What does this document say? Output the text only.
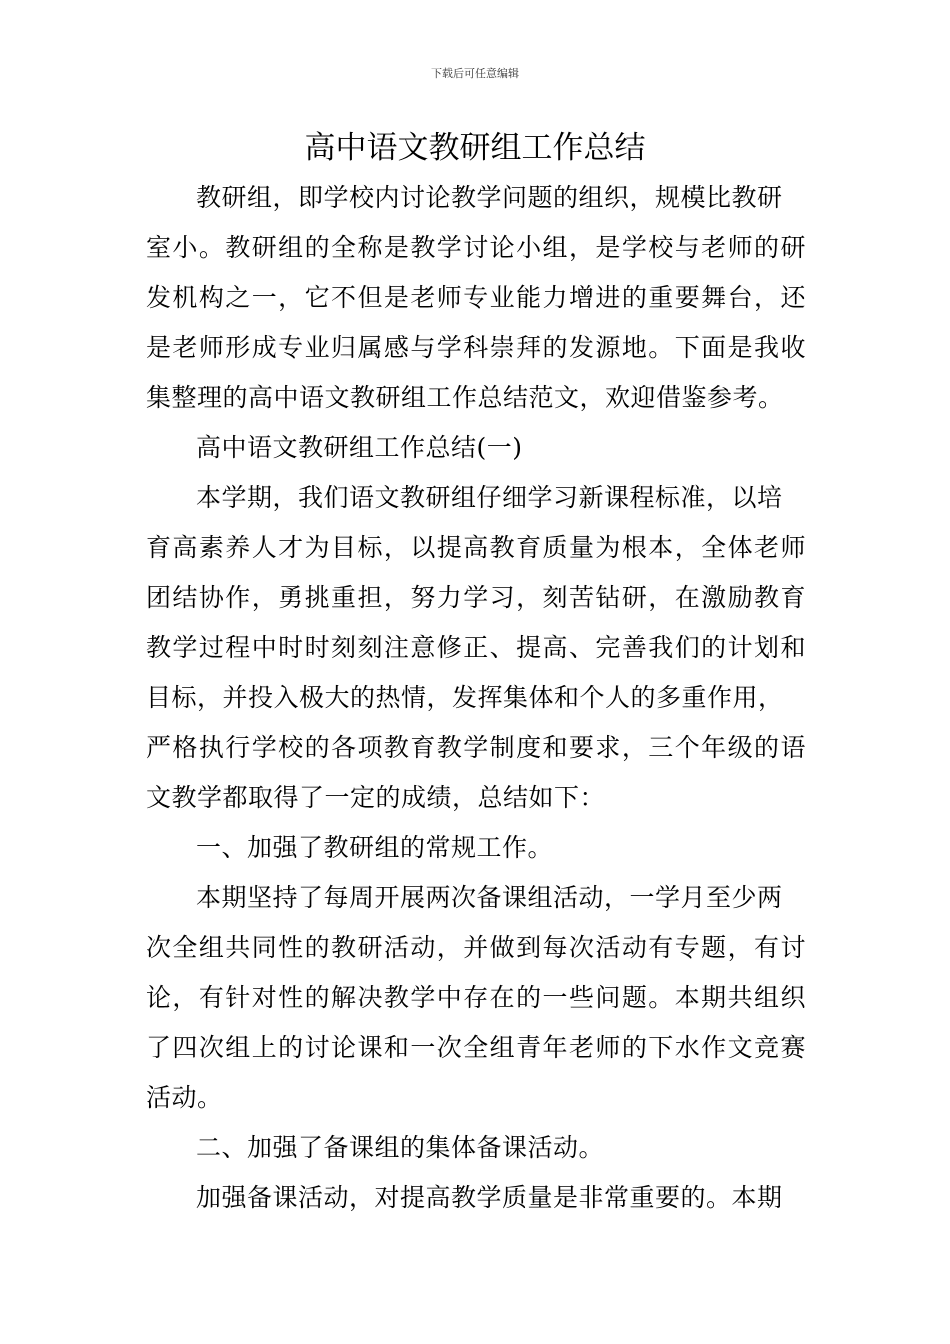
下载后可任意编辑
高中语文教研组工作总结
教研组，即学校内讨论教学问题的组织，规模比教研
室小。教研组的全称是教学讨论小组，是学校与老师的研
发机构之一，它不但是老师专业能力增进的重要舞台，还
是老师形成专业归属感与学科崇拜的发源地。下面是我收
集整理的高中语文教研组工作总结范文，欢迎借鉴参考。
高中语文教研组工作总结(一)
本学期，我们语文教研组仔细学习新课程标准，以培
育高素养人才为目标，以提高教育质量为根本，全体老师
团结协作，勇挑重担，努力学习，刻苦钻研，在激励教育
教学过程中时时刻刻注意修正、提高、完善我们的计划和
目标，并投入极大的热情，发挥集体和个人的多重作用，
严格执行学校的各项教育教学制度和要求，三个年级的语
文教学都取得了一定的成绩，总结如下：
一、加强了教研组的常规工作。
本期坚持了每周开展两次备课组活动，一学月至少两
次全组共同性的教研活动，并做到每次活动有专题，有讨
论，有针对性的解决教学中存在的一些问题。本期共组织
了四次组上的讨论课和一次全组青年老师的下水作文竞赛
活动。
二、加强了备课组的集体备课活动。
加强备课活动，对提高教学质量是非常重要的。本期
